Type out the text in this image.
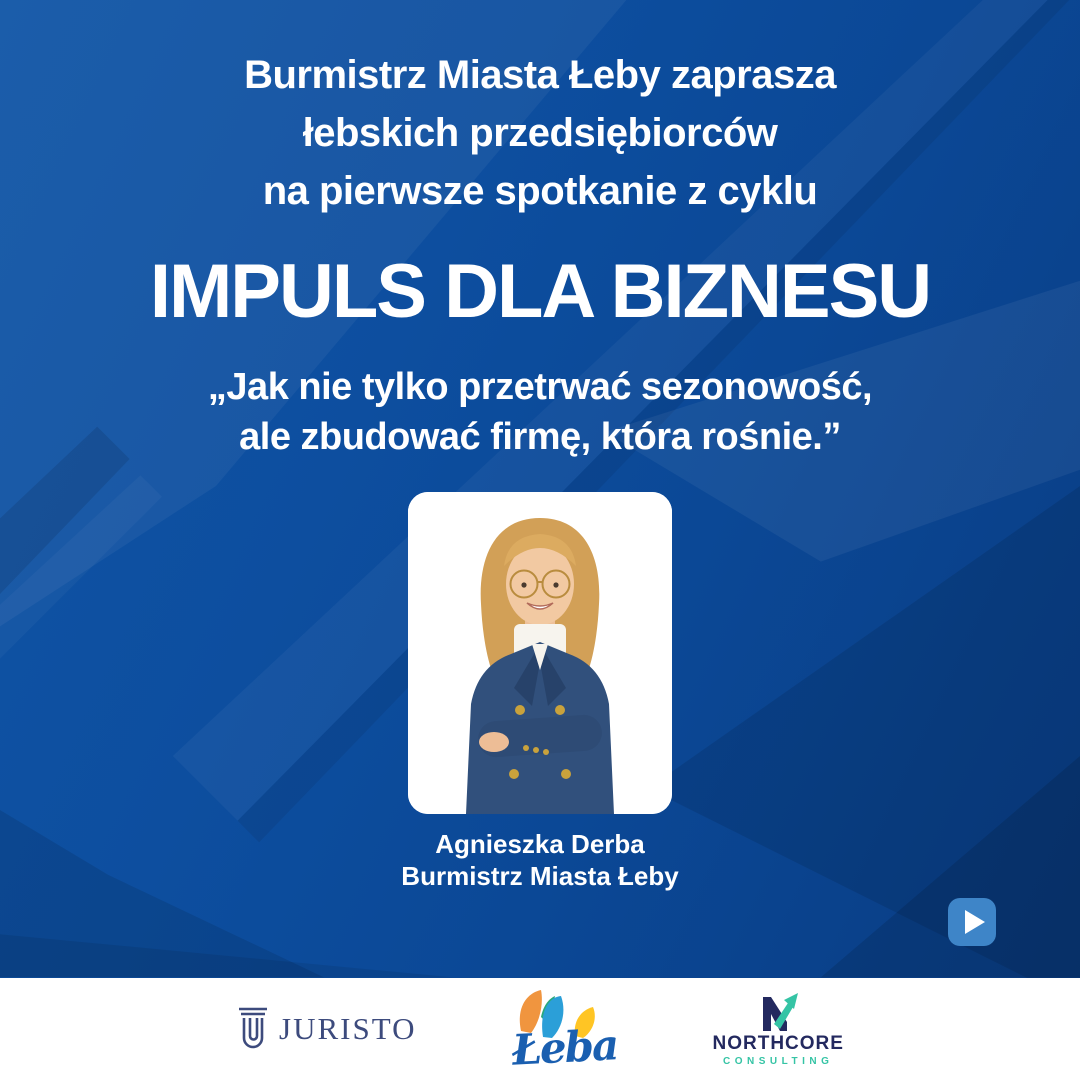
Burmistrz Miasta Łeby zaprasza
łebskich przedsiębiorców
na pierwsze spotkanie z cyklu
IMPULS DLA BIZNESU
„Jak nie tylko przetrwać sezonowość,
ale zbudować firmę, która rośnie.”
Agnieszka Derba
Burmistrz Miasta Łeby
JURISTO Łeba	NORTHCORE
CONSULTING
